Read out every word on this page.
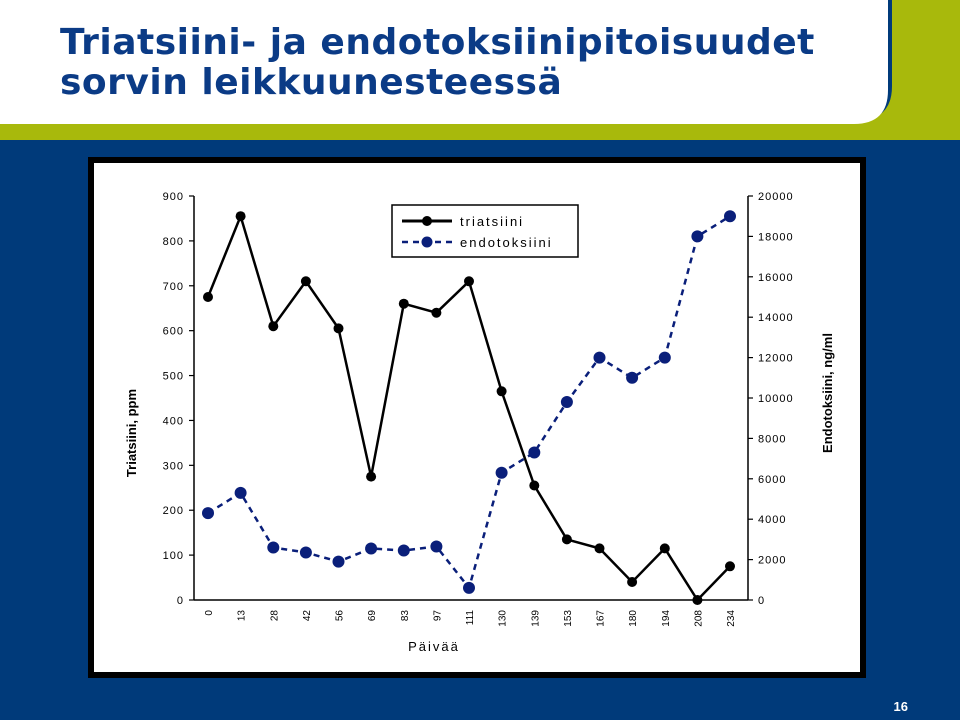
Triatsiini- ja endotoksiinipitoisuudet
sorvin leikkuunesteessä
0
100
200
300
400
500
600
700
800
900
0
2000
4000
6000
8000
10000
12000
14000
16000
18000
20000
0 13 28 42 56 69 83 97 111 130 139 153 167 180 194 208 234
triatsiini
endotoksiini
Triatsiini, ppm	Endotoksiini, ng/ml
Päivää
16
